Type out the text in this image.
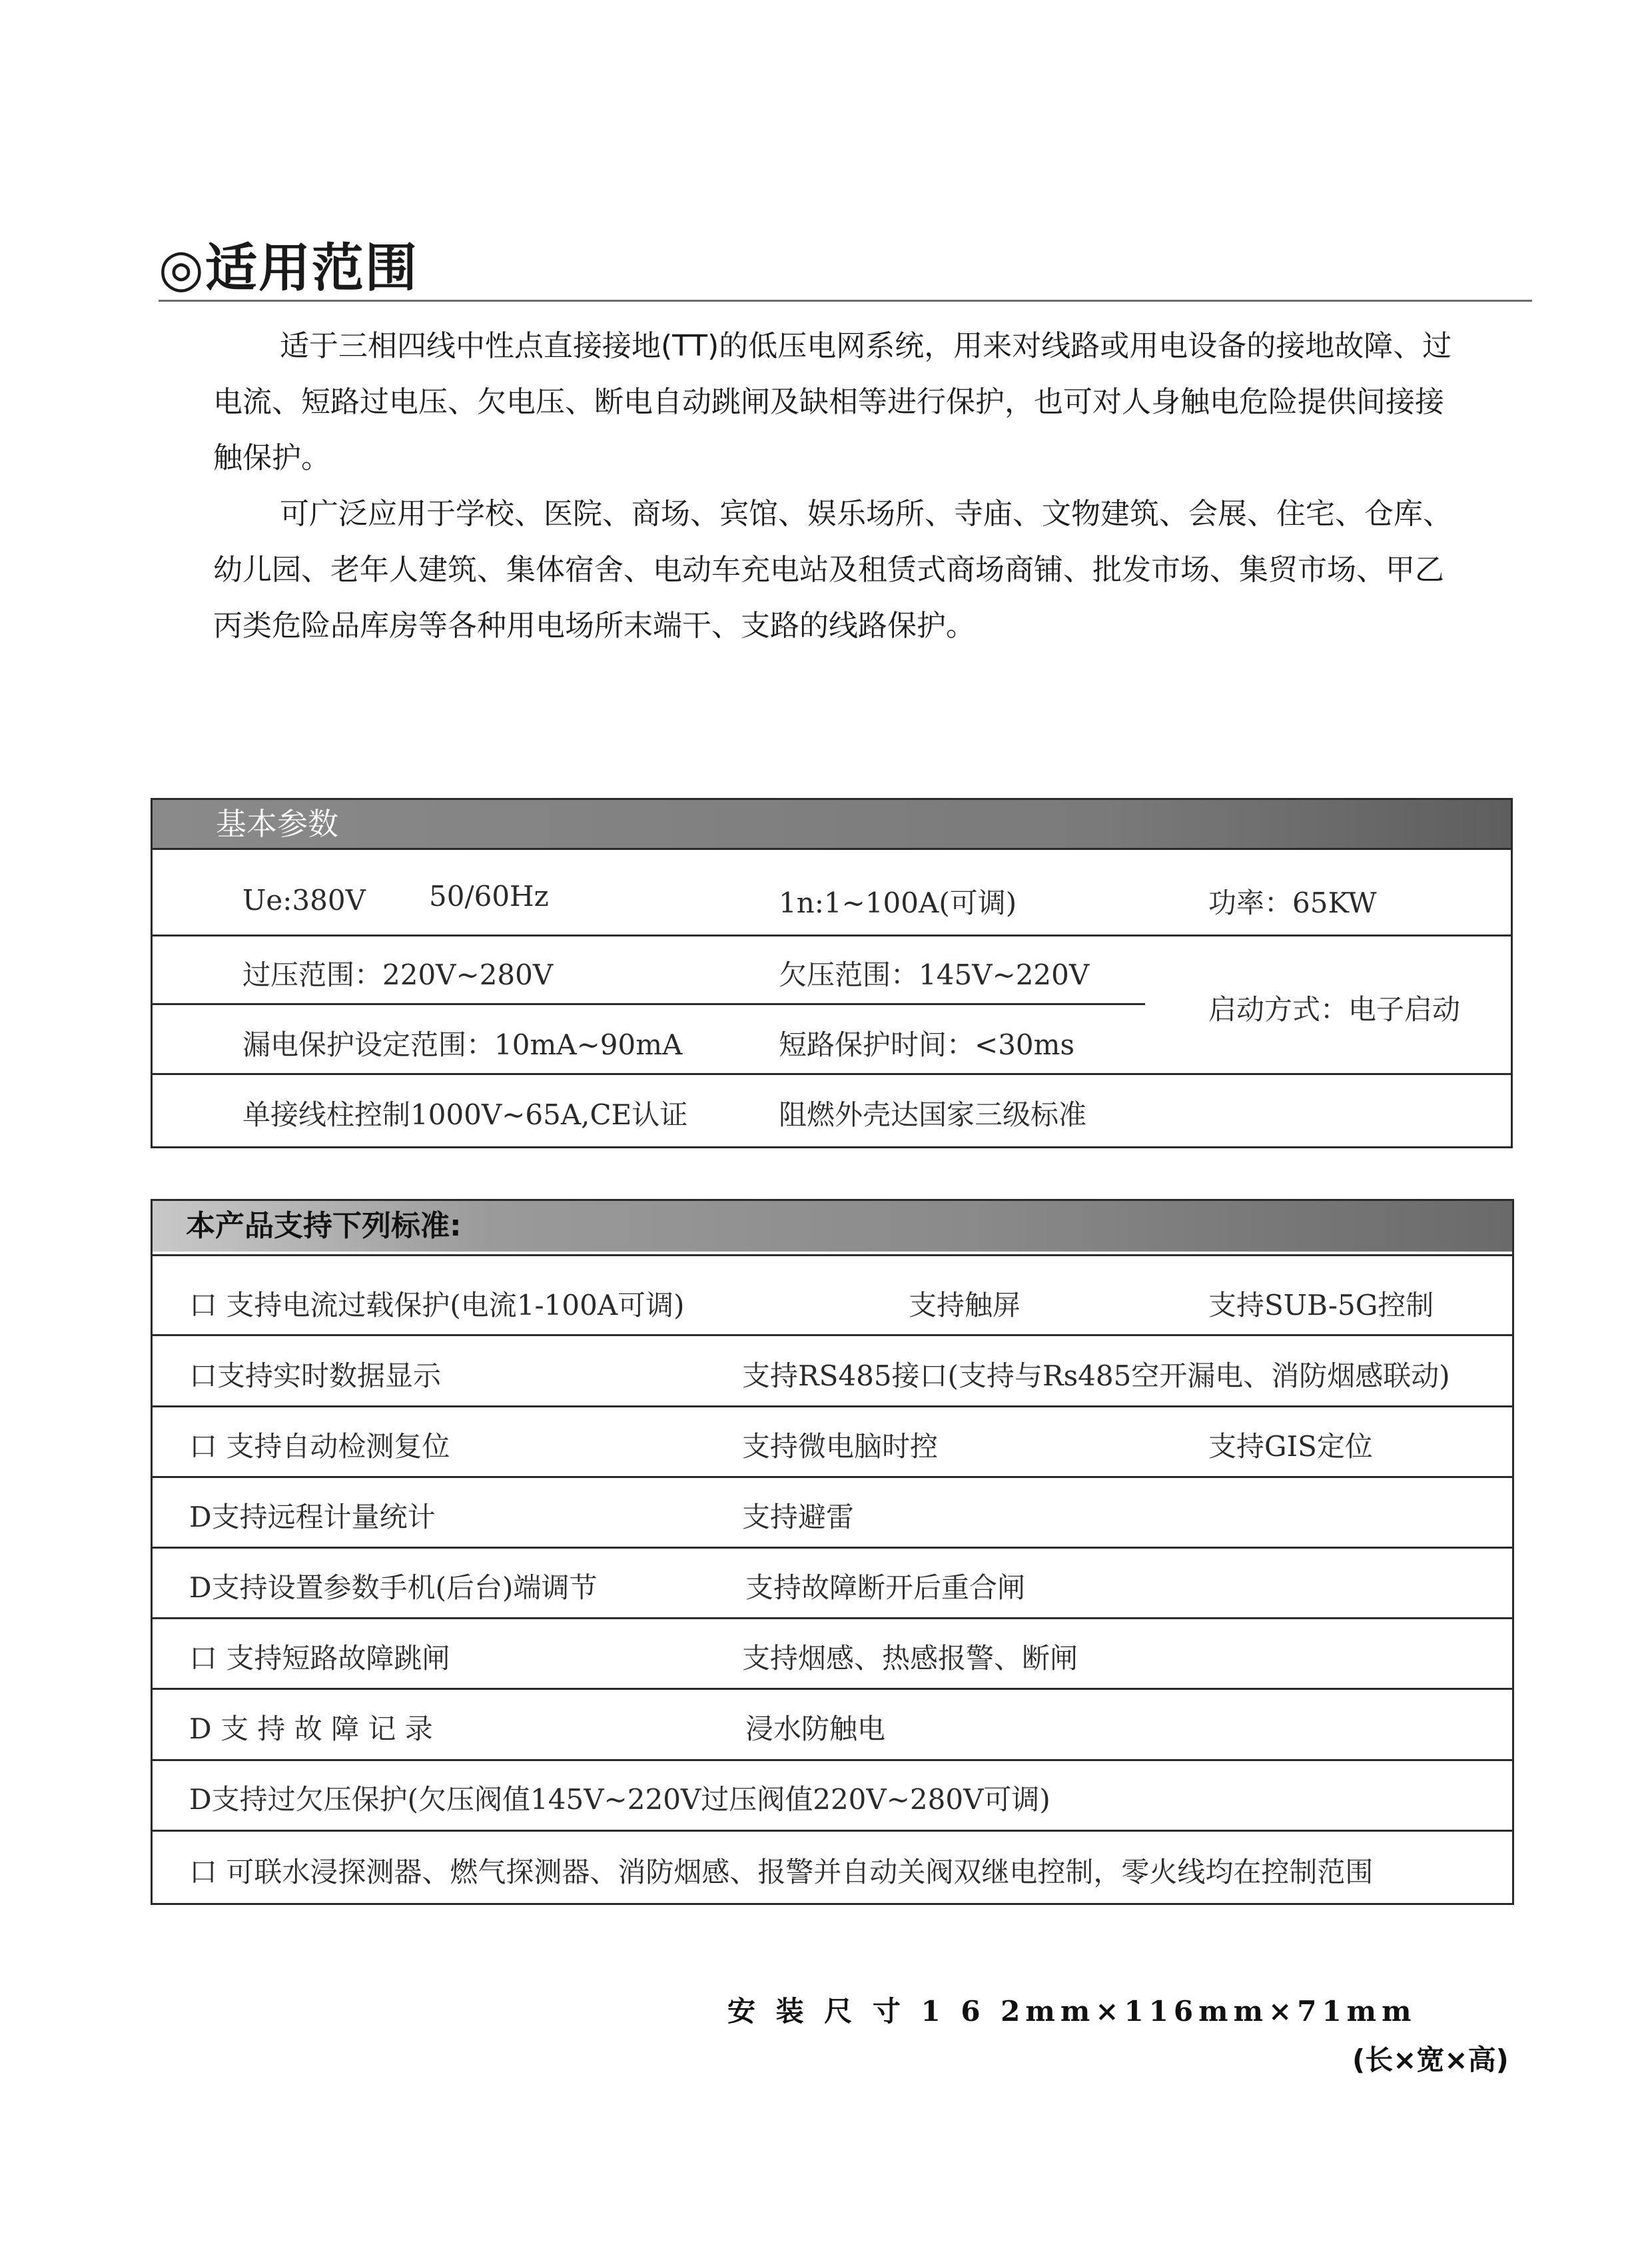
◎适用范围
适于三相四线中性点直接接地(TT)的低压电网系统，用来对线路或用电设备的接地故障、过
电流、短路过电压、欠电压、断电自动跳闸及缺相等进行保护，也可对人身触电危险提供间接接
触保护。
可广泛应用于学校、医院、商场、宾馆、娱乐场所、寺庙、文物建筑、会展、住宅、仓库、
幼儿园、老年人建筑、集体宿舍、电动车充电站及租赁式商场商铺、批发市场、集贸市场、甲乙
丙类危险品库房等各种用电场所末端干、支路的线路保护。
基本参数
Ue:380V 50/60Hz	1n:1~100A(可调)	功率：65KW
过压范围：220V~280V	欠压范围：145V~220V
启动方式：电子启动
漏电保护设定范围：10mA~90mA	短路保护时间：<30ms
单接线柱控制1000V~65A,CE认证	阻燃外壳达国家三级标准
本产品支持下列标准:
口 支持电流过载保护(电流1-100A可调)	支持触屏	支持SUB-5G控制
口支持实时数据显示	支持RS485接口(支持与Rs485空开漏电、消防烟感联动)
口 支持自动检测复位	支持微电脑时控	支持GIS定位
D支持远程计量统计	支持避雷
D支持设置参数手机(后台)端调节	支持故障断开后重合闸
口 支持短路故障跳闸	支持烟感、热感报警、断闸
D 支 持 故 障 记 录	浸水防触电
D支持过欠压保护(欠压阀值145V~220V过压阀值220V~280V可调)
口 可联水浸探测器、燃气探测器、消防烟感、报警并自动关阀双继电控制，零火线均在控制范围
安 装 尺 寸 1 6 2mm×116mm×71mm
(长×宽×高)
